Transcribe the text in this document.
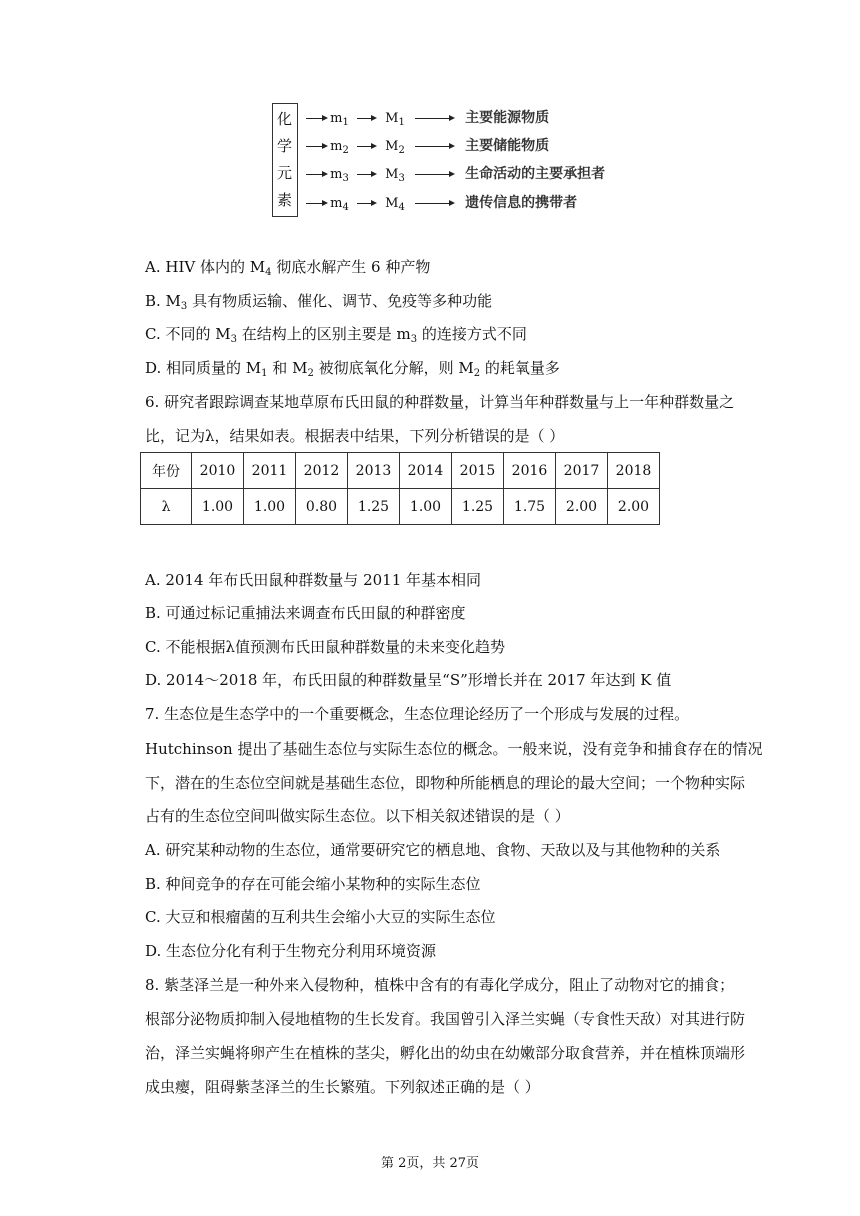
化
学
元
素
$m_1$	$M_1$	主要能源物质
$m_2$	$M_2$	主要储能物质
$m_3$	$M_3$	生命活动的主要承担者
$m_4$	$M_4$	遗传信息的携带者
A. HIV 体内的 $M_4$ 彻底水解产生 6 种产物
B. $M_3$ 具有物质运输、催化、调节、免疫等多种功能
C. 不同的 $M_3$ 在结构上的区别主要是 $m_3$ 的连接方式不同
D. 相同质量的 $M_1$ 和 $M_2$ 被彻底氧化分解，则 $M_2$ 的耗氧量多
6. 研究者跟踪调查某地草原布氏田鼠的种群数量，计算当年种群数量与上一年种群数量之
比，记为λ，结果如表。根据表中结果，下列分析错误的是（ ）
年份	2010	2011	2012	2013	2014	2015	2016	2017	2018
λ	1.00	1.00	0.80	1.25	1.00	1.25	1.75	2.00	2.00
A. 2014 年布氏田鼠种群数量与 2011 年基本相同
B. 可通过标记重捕法来调查布氏田鼠的种群密度
C. 不能根据λ值预测布氏田鼠种群数量的未来变化趋势
D. 2014～2018 年，布氏田鼠的种群数量呈“S”形增长并在 2017 年达到 K 值
7. 生态位是生态学中的一个重要概念，生态位理论经历了一个形成与发展的过程。
Hutchinson 提出了基础生态位与实际生态位的概念。一般来说，没有竞争和捕食存在的情况
下，潜在的生态位空间就是基础生态位，即物种所能栖息的理论的最大空间；一个物种实际
占有的生态位空间叫做实际生态位。以下相关叙述错误的是（ ）
A. 研究某种动物的生态位，通常要研究它的栖息地、食物、天敌以及与其他物种的关系
B. 种间竞争的存在可能会缩小某物种的实际生态位
C. 大豆和根瘤菌的互利共生会缩小大豆的实际生态位
D. 生态位分化有利于生物充分利用环境资源
8. 紫茎泽兰是一种外来入侵物种，植株中含有的有毒化学成分，阻止了动物对它的捕食；
根部分泌物质抑制入侵地植物的生长发育。我国曾引入泽兰实蝇（专食性天敌）对其进行防
治，泽兰实蝇将卵产生在植株的茎尖，孵化出的幼虫在幼嫩部分取食营养，并在植株顶端形
成虫瘿，阻碍紫茎泽兰的生长繁殖。下列叙述正确的是（ ）
第 2页，共 27页
